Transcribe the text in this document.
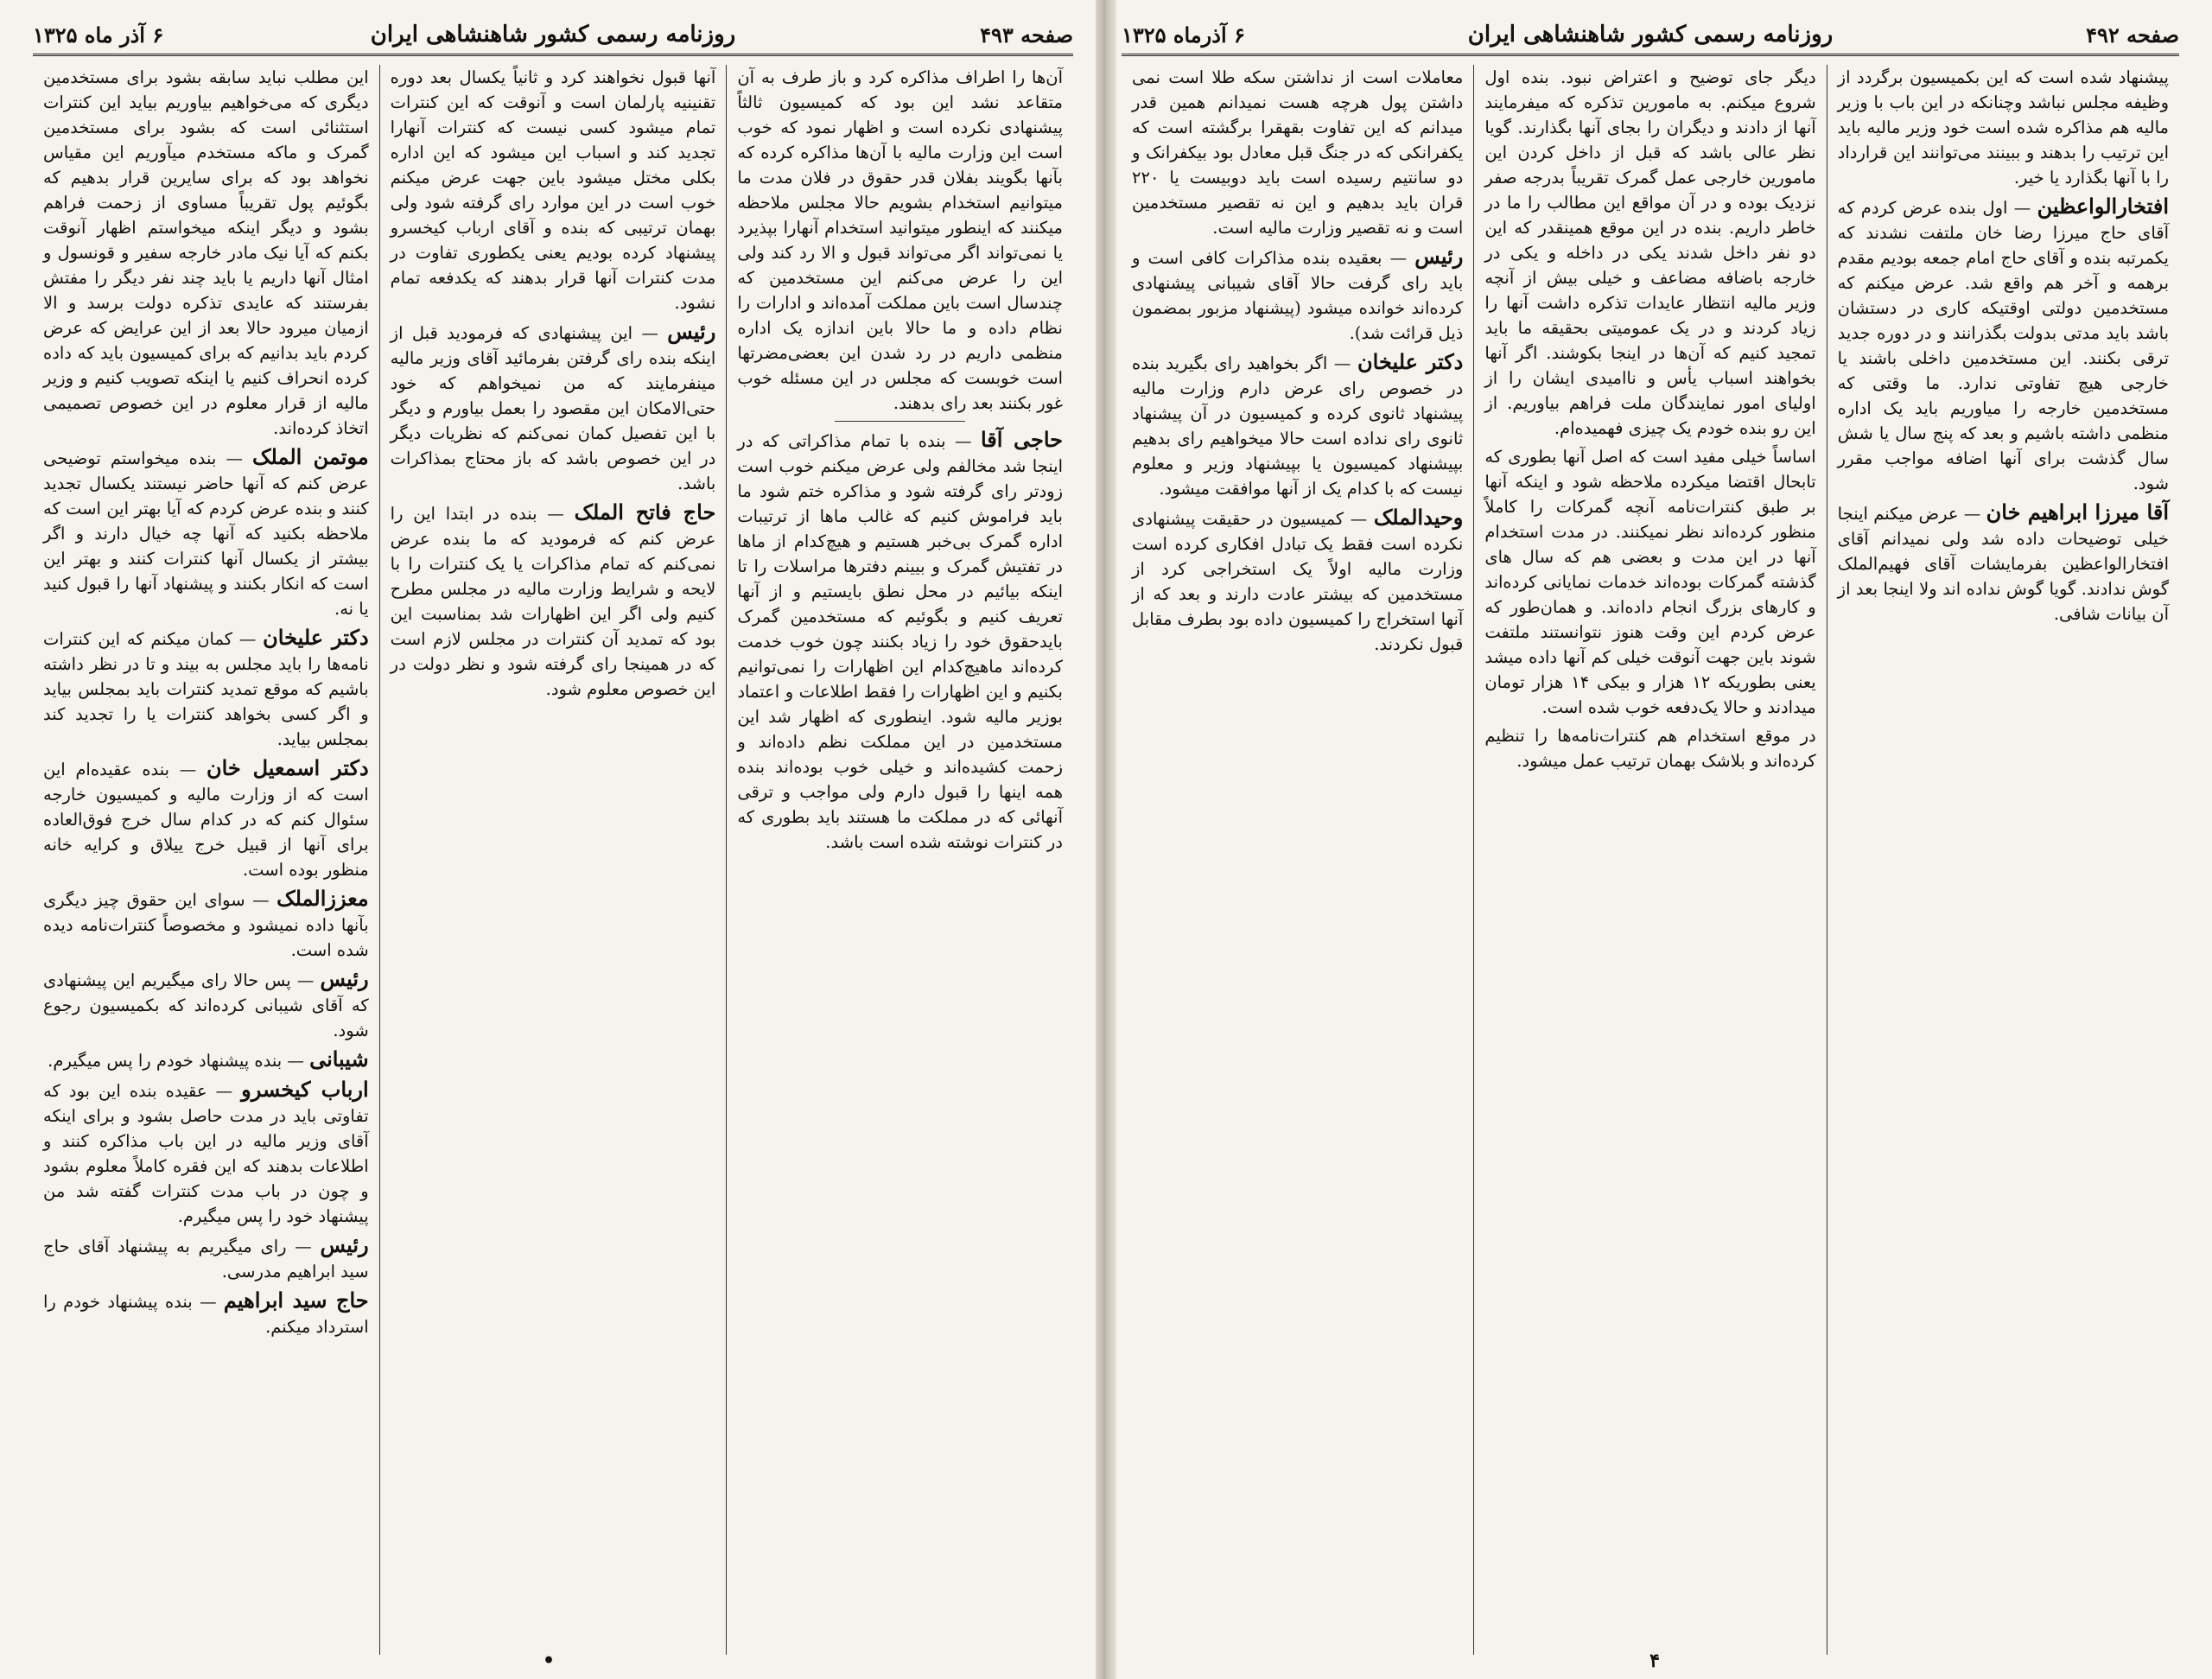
صفحه ۴۹۳
روزنامه رسمی کشور شاهنشاهی ایران
۶ آذر ماه ۱۳۲۵

آن‌ها را اطراف مذاکره کرد و باز طرف به آن متقاعد نشد این بود که کمیسیون ثالثاً پیشنهادی نکرده است و اظهار نمود که خوب است این وزارت مالیه با آن‌ها مذاکره کرده که بآنها بگویند بفلان قدر حقوق در فلان مدت ما میتوانیم استخدام بشویم حالا مجلس ملاحظه میکنند که اینطور میتوانید استخدام آنهارا بپذیرد یا نمی‌تواند اگر می‌تواند قبول و الا رد کند ولی این را عرض می‌کنم این مستخدمین که چندسال است باین مملکت آمده‌اند و ادارات را نظام داده و ما حالا باین اندازه یک اداره منظمی داریم در رد شدن این بعضی‌مضرتها است خوبست که مجلس در این مسئله خوب غور بکنند بعد رای بدهند.

حاجی آقا — بنده با تمام مذاکراتی که در اینجا شد مخالفم ولی عرض میکنم خوب است زودتر رای گرفته شود و مذاکره ختم شود ما باید فراموش کنیم که غالب ماها از ترتیبات اداره گمرک بی‌خبر هستیم و هیچ‌کدام از ماها در تفتیش گمرک و بیینم دفترها مراسلات را تا اینکه بیائیم در محل نطق بایستیم و از آنها تعریف کنیم و بگوئیم که مستخدمین گمرک بایدحقوق خود را زیاد بکنند چون خوب خدمت کرده‌اند ماهیچ‌کدام این اظهارات را نمی‌توانیم بکنیم و این اظهارات را فقط اطلاعات و اعتماد بوزیر مالیه شود. اینطوری که اظهار شد این مستخدمین در این مملکت نظم داده‌اند و زحمت کشیده‌اند و خیلی خوب بوده‌اند بنده همه اینها را قبول دارم ولی مواجب و ترقی آنهائی که در مملکت ما هستند باید بطوری که در کنترات نوشته شده است باشد.

آنها قبول نخواهند کرد و ثانیاً یکسال بعد دوره تقنینیه پارلمان است و آنوقت که این کنترات تمام میشود کسی نیست که کنترات آنهارا تجدید کند و اسباب این میشود که این اداره بکلی مختل میشود باین جهت عرض میکنم خوب است در این موارد رای گرفته شود ولی بهمان ترتیبی که بنده و آقای ارباب کیخسرو پیشنهاد کرده بودیم یعنی یکطوری تفاوت در مدت کنترات آنها قرار بدهند که یکدفعه تمام نشود.

رئیس — این پیشنهادی که فرمودید قبل از اینکه بنده رای گرفتن بفرمائید آقای وزیر مالیه مینفرمایند که من نمیخواهم که خود حتی‌الامکان این مقصود را بعمل بیاورم و دیگر با این تفصیل کمان نمی‌کنم که نظریات دیگر در این خصوص باشد که باز محتاج بمذاکرات باشد.

حاج فاتح الملک — بنده در ابتدا این را عرض کنم که فرمودید که ما بنده عرض نمی‌کنم که تمام مذاکرات یا یک کنترات را با لایحه و شرایط وزارت مالیه در مجلس مطرح کنیم ولی اگر این اظهارات شد بمناسبت این بود که تمدید آن کنترات در مجلس لازم است که در همینجا رای گرفته شود و نظر دولت در این خصوص معلوم شود.

این مطلب نباید سابقه بشود برای مستخدمین دیگری که می‌خواهیم بیاوریم بیاید این کنترات استثنائی است که بشود برای مستخدمین گمرک و ماکه مستخدم میآوریم این مقیاس نخواهد بود که برای سایرین قرار بدهیم که بگوئیم پول تقریباً مساوی از زحمت فراهم بشود و دیگر اینکه میخواستم اظهار آنوقت بکنم که آیا نیک مادر خارجه سفیر و قونسول و امثال آنها داریم یا باید چند نفر دیگر را مفتش بفرستند که عایدی تذکره دولت برسد و الا ازمیان میرود حالا بعد از این عرایض که عرض کردم باید بدانیم که برای کمیسیون باید که داده کرده انحراف کنیم یا اینکه تصویب کنیم و وزیر مالیه از قرار معلوم در این خصوص تصمیمی اتخاذ کرده‌اند.

موتمن الملک — بنده میخواستم توضیحی عرض کنم که آنها حاضر نیستند یکسال تجدید کنند و بنده عرض کردم که آیا بهتر این است که ملاحظه بکنید که آنها چه خیال دارند و اگر بیشتر از یکسال آنها کنترات کنند و بهتر این است که انکار بکنند و پیشنهاد آنها را قبول کنید یا نه.

دکتر علیخان — کمان میکنم که این کنترات نامه‌ها را باید مجلس به بیند و تا در نظر داشته باشیم که موقع تمدید کنترات باید بمجلس بیاید و اگر کسی بخواهد کنترات یا را تجدید کند بمجلس بیاید.

دکتر اسمعیل خان — بنده عقیده‌ام این است که از وزارت مالیه و کمیسیون خارجه سئوال کنم که در کدام سال خرج فوق‌العاده برای آنها از قبیل خرج ییلاق و کرایه خانه منظور بوده است.

معززالملک — سوای این حقوق چیز دیگری بآنها داده نمیشود و مخصوصاً کنترات‌نامه دیده شده است.

رئیس — پس حالا رای میگیریم این پیشنهادی که آقای شیبانی کرده‌اند که بکمیسیون رجوع شود.

شیبانی — بنده پیشنهاد خودم را پس میگیرم.

ارباب کیخسرو — عقیده بنده این بود که تفاوتی باید در مدت حاصل بشود و برای اینکه آقای وزیر مالیه در این باب مذاکره کنند و اطلاعات بدهند که این فقره کاملاً معلوم بشود و چون در باب مدت کنترات گفته شد من پیشنهاد خود را پس میگیرم.

رئیس — رای میگیریم به پیشنهاد آقای حاج سید ابراهیم مدرسی.

حاج سید ابراهیم — بنده پیشنهاد خودم را استرداد میکنم.

•
صفحه ۴۹۲
روزنامه رسمی کشور شاهنشاهی ایران
۶ آذرماه ۱۳۲۵

پیشنهاد شده است که این بکمیسیون برگردد از وظیفه مجلس نباشد وچنانکه در این باب با وزیر مالیه هم مذاکره شده است خود وزیر مالیه باید این ترتیب را بدهند و ببینند می‌توانند این قرارداد را با آنها بگذارد یا خیر.

افتخارالواعظین — اول بنده عرض کردم که آقای حاج میرزا رضا خان ملتفت نشدند که یکمرتبه بنده و آقای حاج امام جمعه بودیم مقدم برهمه و آخر هم واقع شد. عرض میکنم که مستخدمین دولتی اوقتیکه کاری در دستشان باشد باید مدتی بدولت بگذرانند و در دوره جدید ترقی بکنند. این مستخدمین داخلی باشند یا خارجی هیچ تفاوتی ندارد. ما وقتی که مستخدمین خارجه را میاوریم باید یک اداره منظمی داشته باشیم و بعد که پنج سال یا شش سال گذشت برای آنها اضافه مواجب مقرر شود.

آقا میرزا ابراهیم خان — عرض میکنم اینجا خیلی توضیحات داده شد ولی نمیدانم آقای افتخارالواعظین بفرمایشات آقای فهیم‌الملک گوش ندادند. گویا گوش نداده اند ولا اینجا بعد از آن بیانات شافی.

دیگر جای توضیح و اعتراض نبود. بنده اول شروع میکنم. به مامورین تذکره که میفرمایند آنها از دادند و دیگران را بجای آنها بگذارند. گویا نظر عالی باشد که قبل از داخل کردن این مامورین خارجی عمل گمرک تقریباً بدرجه صفر نزدیک بوده و در آن مواقع این مطالب را ما در خاطر داریم. بنده در این موقع همینقدر که این دو نفر داخل شدند یکی در داخله و یکی در خارجه باضافه مضاعف و خیلی بیش از آنچه وزیر مالیه انتظار عایدات تذکره داشت آنها را زیاد کردند و در یک عمومیتی بحقیقه ما باید تمجید کنیم که آن‌ها در اینجا بکوشند. اگر آنها بخواهند اسباب یأس و ناامیدی ایشان را از اولیای امور نمایندگان ملت فراهم بیاوریم. از این رو بنده خودم یک چیزی فهمیده‌ام.

اساساً خیلی مفید است که اصل آنها بطوری که تابحال اقتضا میکرده ملاحظه شود و اینکه آنها بر طبق کنترات‌نامه آنچه گمرکات را کاملاً منظور کرده‌اند نظر نمیکنند. در مدت استخدام آنها در این مدت و بعضی هم که سال های گذشته گمرکات بوده‌اند خدمات نمایانی کرده‌اند و کارهای بزرگ انجام داده‌اند. و همان‌طور که عرض کردم این وقت هنوز نتوانستند ملتفت شوند باین جهت آنوقت خیلی کم آنها داده میشد یعنی بطوریکه ۱۲ هزار و بیکی ۱۴ هزار تومان میدادند و حالا یک‌دفعه خوب شده است.

در موقع استخدام هم کنترات‌نامه‌ها را تنظیم کرده‌اند و بلاشک بهمان ترتیب عمل میشود.

معاملات است از نداشتن سکه طلا است نمی داشتن پول هرچه هست نمیدانم همین قدر میدانم که این تفاوت بقهقرا برگشته است که یکفرانکی که در جنگ قبل معادل بود بیکفرانک و دو سانتیم رسیده است باید دوبیست یا ۲۲۰ قران باید بدهیم و این نه تقصیر مستخدمین است و نه تقصیر وزارت مالیه است.

رئیس — بعقیده بنده مذاکرات کافی است و باید رای گرفت حالا آقای شیبانی پیشنهادی کرده‌اند خوانده میشود (پیشنهاد مزبور بمضمون ذیل قرائت شد).

دکتر علیخان — اگر بخواهید رای بگیرید بنده در خصوص رای عرض دارم وزارت مالیه پیشنهاد ثانوی کرده و کمیسیون در آن پیشنهاد ثانوی رای نداده است حالا میخواهیم رای بدهیم بپیشنهاد کمیسیون یا بپیشنهاد وزیر و معلوم نیست که با کدام یک از آنها موافقت میشود.

وحیدالملک — کمیسیون در حقیقت پیشنهادی نکرده است فقط یک تبادل افکاری کرده است وزارت مالیه اولاً یک استخراجی کرد از مستخدمین که بیشتر عادت دارند و بعد که از آنها استخراج را کمیسیون داده بود بطرف مقابل قبول نکردند.

۴
